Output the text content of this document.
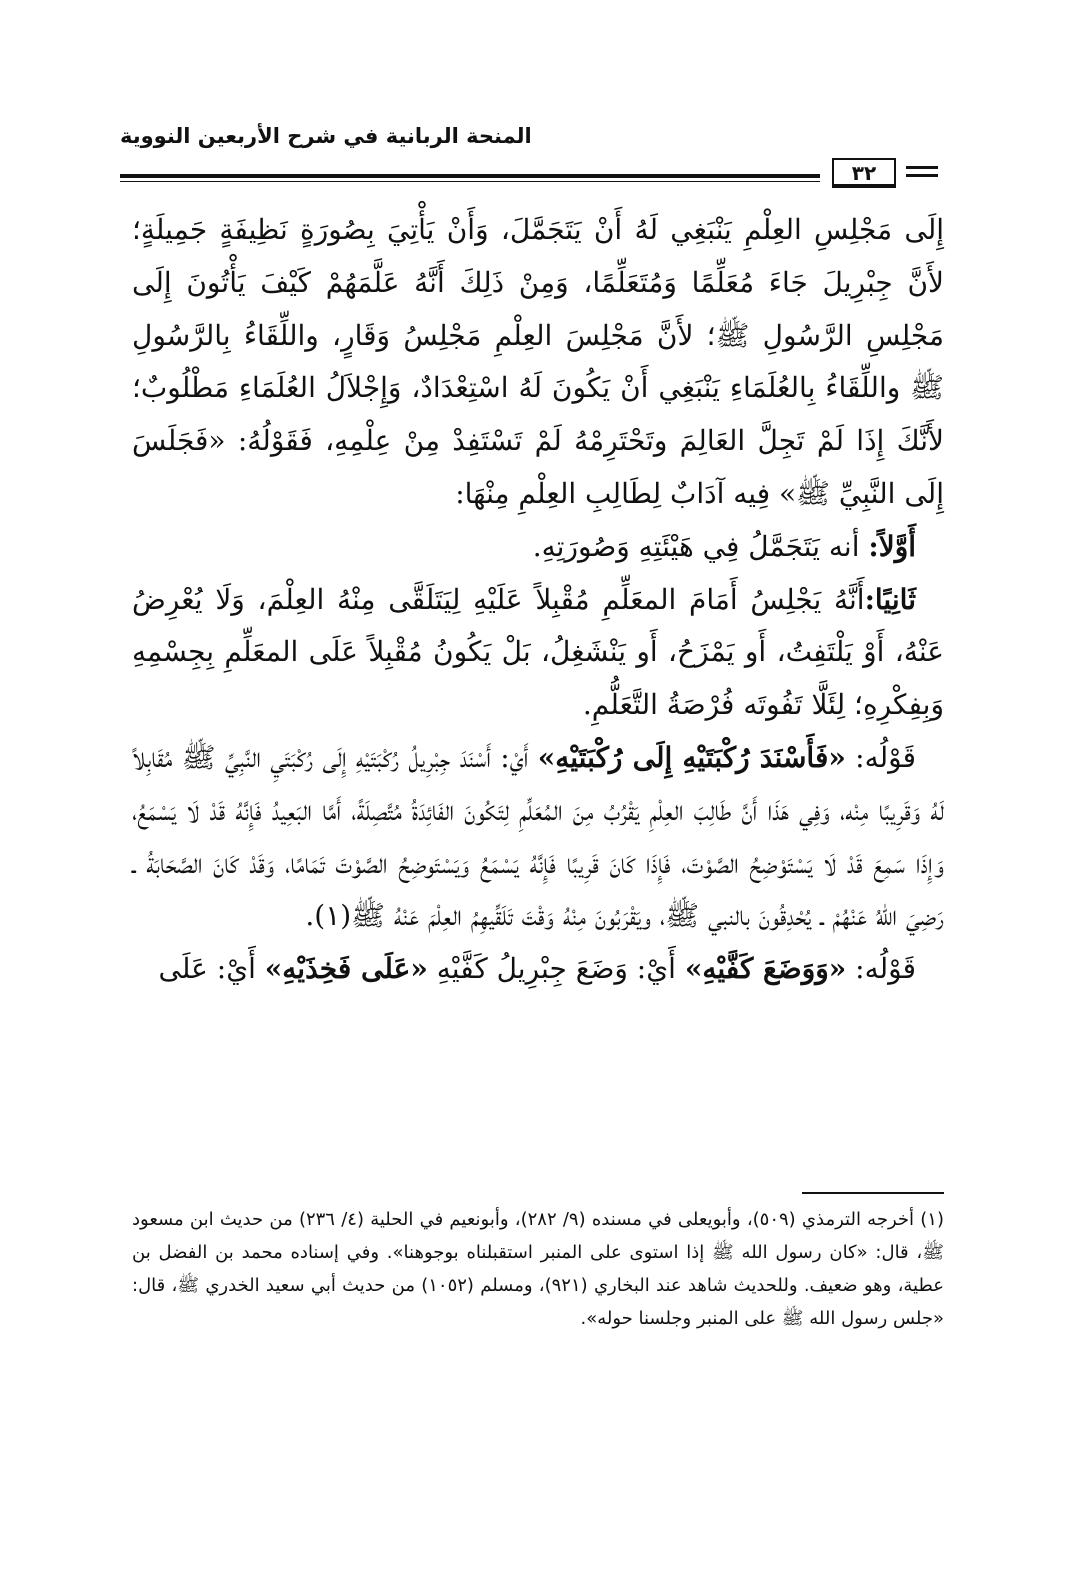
المنحة الربانية في شرح الأربعين النووية
٣٢

إِلَى مَجْلِسِ العِلْمِ يَنْبَغِي لَهُ أَنْ يَتَجَمَّلَ، وَأَنْ يَأْتِيَ بِصُورَةٍ نَظِيفَةٍ جَمِيلَةٍ؛ لأَنَّ جِبْرِيلَ جَاءَ مُعَلِّمًا وَمُتَعَلِّمًا، وَمِنْ ذَلِكَ أَنَّهُ عَلَّمَهُمْ كَيْفَ يَأْتُونَ إِلَى مَجْلِسِ الرَّسُولِ ﷺ؛ لأَنَّ مَجْلِسَ العِلْمِ مَجْلِسُ وَقَارٍ، واللِّقَاءُ بِالرَّسُولِ ﷺ واللِّقَاءُ بِالعُلَمَاءِ يَنْبَغِي أَنْ يَكُونَ لَهُ اسْتِعْدَادٌ، وَإِجْلاَلُ العُلَمَاءِ مَطْلُوبٌ؛ لأَنَّكَ إِذَا لَمْ تَجِلَّ العَالِمَ وتَحْتَرِمْهُ لَمْ تَسْتَفِدْ مِنْ عِلْمِهِ، فَقَوْلُهُ: «فَجَلَسَ إِلَى النَّبِيِّ ﷺ» فِيه آدَابٌ لِطَالِبِ العِلْمِ مِنْهَا:

أَوَّلاً: أنه يَتَجَمَّلُ فِي هَيْئَتِهِ وَصُورَتِهِ.

ثَانِيًا:أَنَّهُ يَجْلِسُ أَمَامَ المعَلِّمِ مُقْبِلاً عَلَيْهِ لِيَتَلَقَّى مِنْهُ العِلْمَ، وَلَا يُعْرِضُ عَنْهُ، أَوْ يَلْتَفِتُ، أَو يَمْزَحُ، أَو يَنْشَغِلُ، بَلْ يَكُونُ مُقْبِلاً عَلَى المعَلِّمِ بِجِسْمِهِ وَبِفِكْرِهِ؛ لِئَلَّا تَفُوتَه فُرْصَةُ التَّعَلُّمِ.

قَوْلُه: «فَأَسْنَدَ رُكْبَتَيْهِ إِلَى رُكْبَتَيْهِ» أَيْ: أَسْنَدَ جِبْرِيلُ رُكْبَتَيْهِ إِلَى رُكْبَتَيِ النَّبِيِّ ﷺ مُقَابِلاً لَهُ وَقَرِيبًا مِنْه، وَفِي هَذَا أَنَّ طَالِبَ العِلْمِ يَقْرُبُ مِنَ المُعَلِّمِ لِتَكُونَ الفَائِدَةُ مُتَّصِلَةً، أَمَّا البَعِيدُ فَإِنَّهُ قَدْ لَا يَسْمَعُ، وَإِذَا سَمِعَ قَدْ لَا يَسْتَوْضِحُ الصَّوْتَ، فَإِذَا كَانَ قَرِيبًا فَإِنَّهُ يَسْمَعُ وَيَسْتَوضِحُ الصَّوْتَ تَمَامًا، وَقَدْ كَانَ الصَّحَابَةُ ـ رَضِيَ اللهُ عَنْهُمْ ـ يُحْدِقُونَ بالنبي ﷺ، ويَقْرَبُونَ مِنْهُ وَقْتَ تَلَقِّيهِمُ العِلْمَ عَنْهُ ﷺ(١).

قَوْلُه: «وَوَضَعَ كَفَّيْهِ» أَيْ: وَضَعَ جِبْرِيلُ كَفَّيْهِ «عَلَى فَخِذَيْهِ» أَيْ: عَلَى

(١) أخرجه الترمذي (٥٠٩)، وأبويعلى في مسنده (٩/ ٢٨٢)، وأبونعيم في الحلية (٤/ ٢٣٦) من حديث ابن مسعود ﷺ، قال: «كان رسول الله ﷺ إذا استوى على المنبر استقبلناه بوجوهنا». وفي إسناده محمد بن الفضل بن عطية، وهو ضعيف. وللحديث شاهد عند البخاري (٩٢١)، ومسلم (١٠٥٢) من حديث أبي سعيد الخدري ﷺ، قال: «جلس رسول الله ﷺ على المنبر وجلسنا حوله».
